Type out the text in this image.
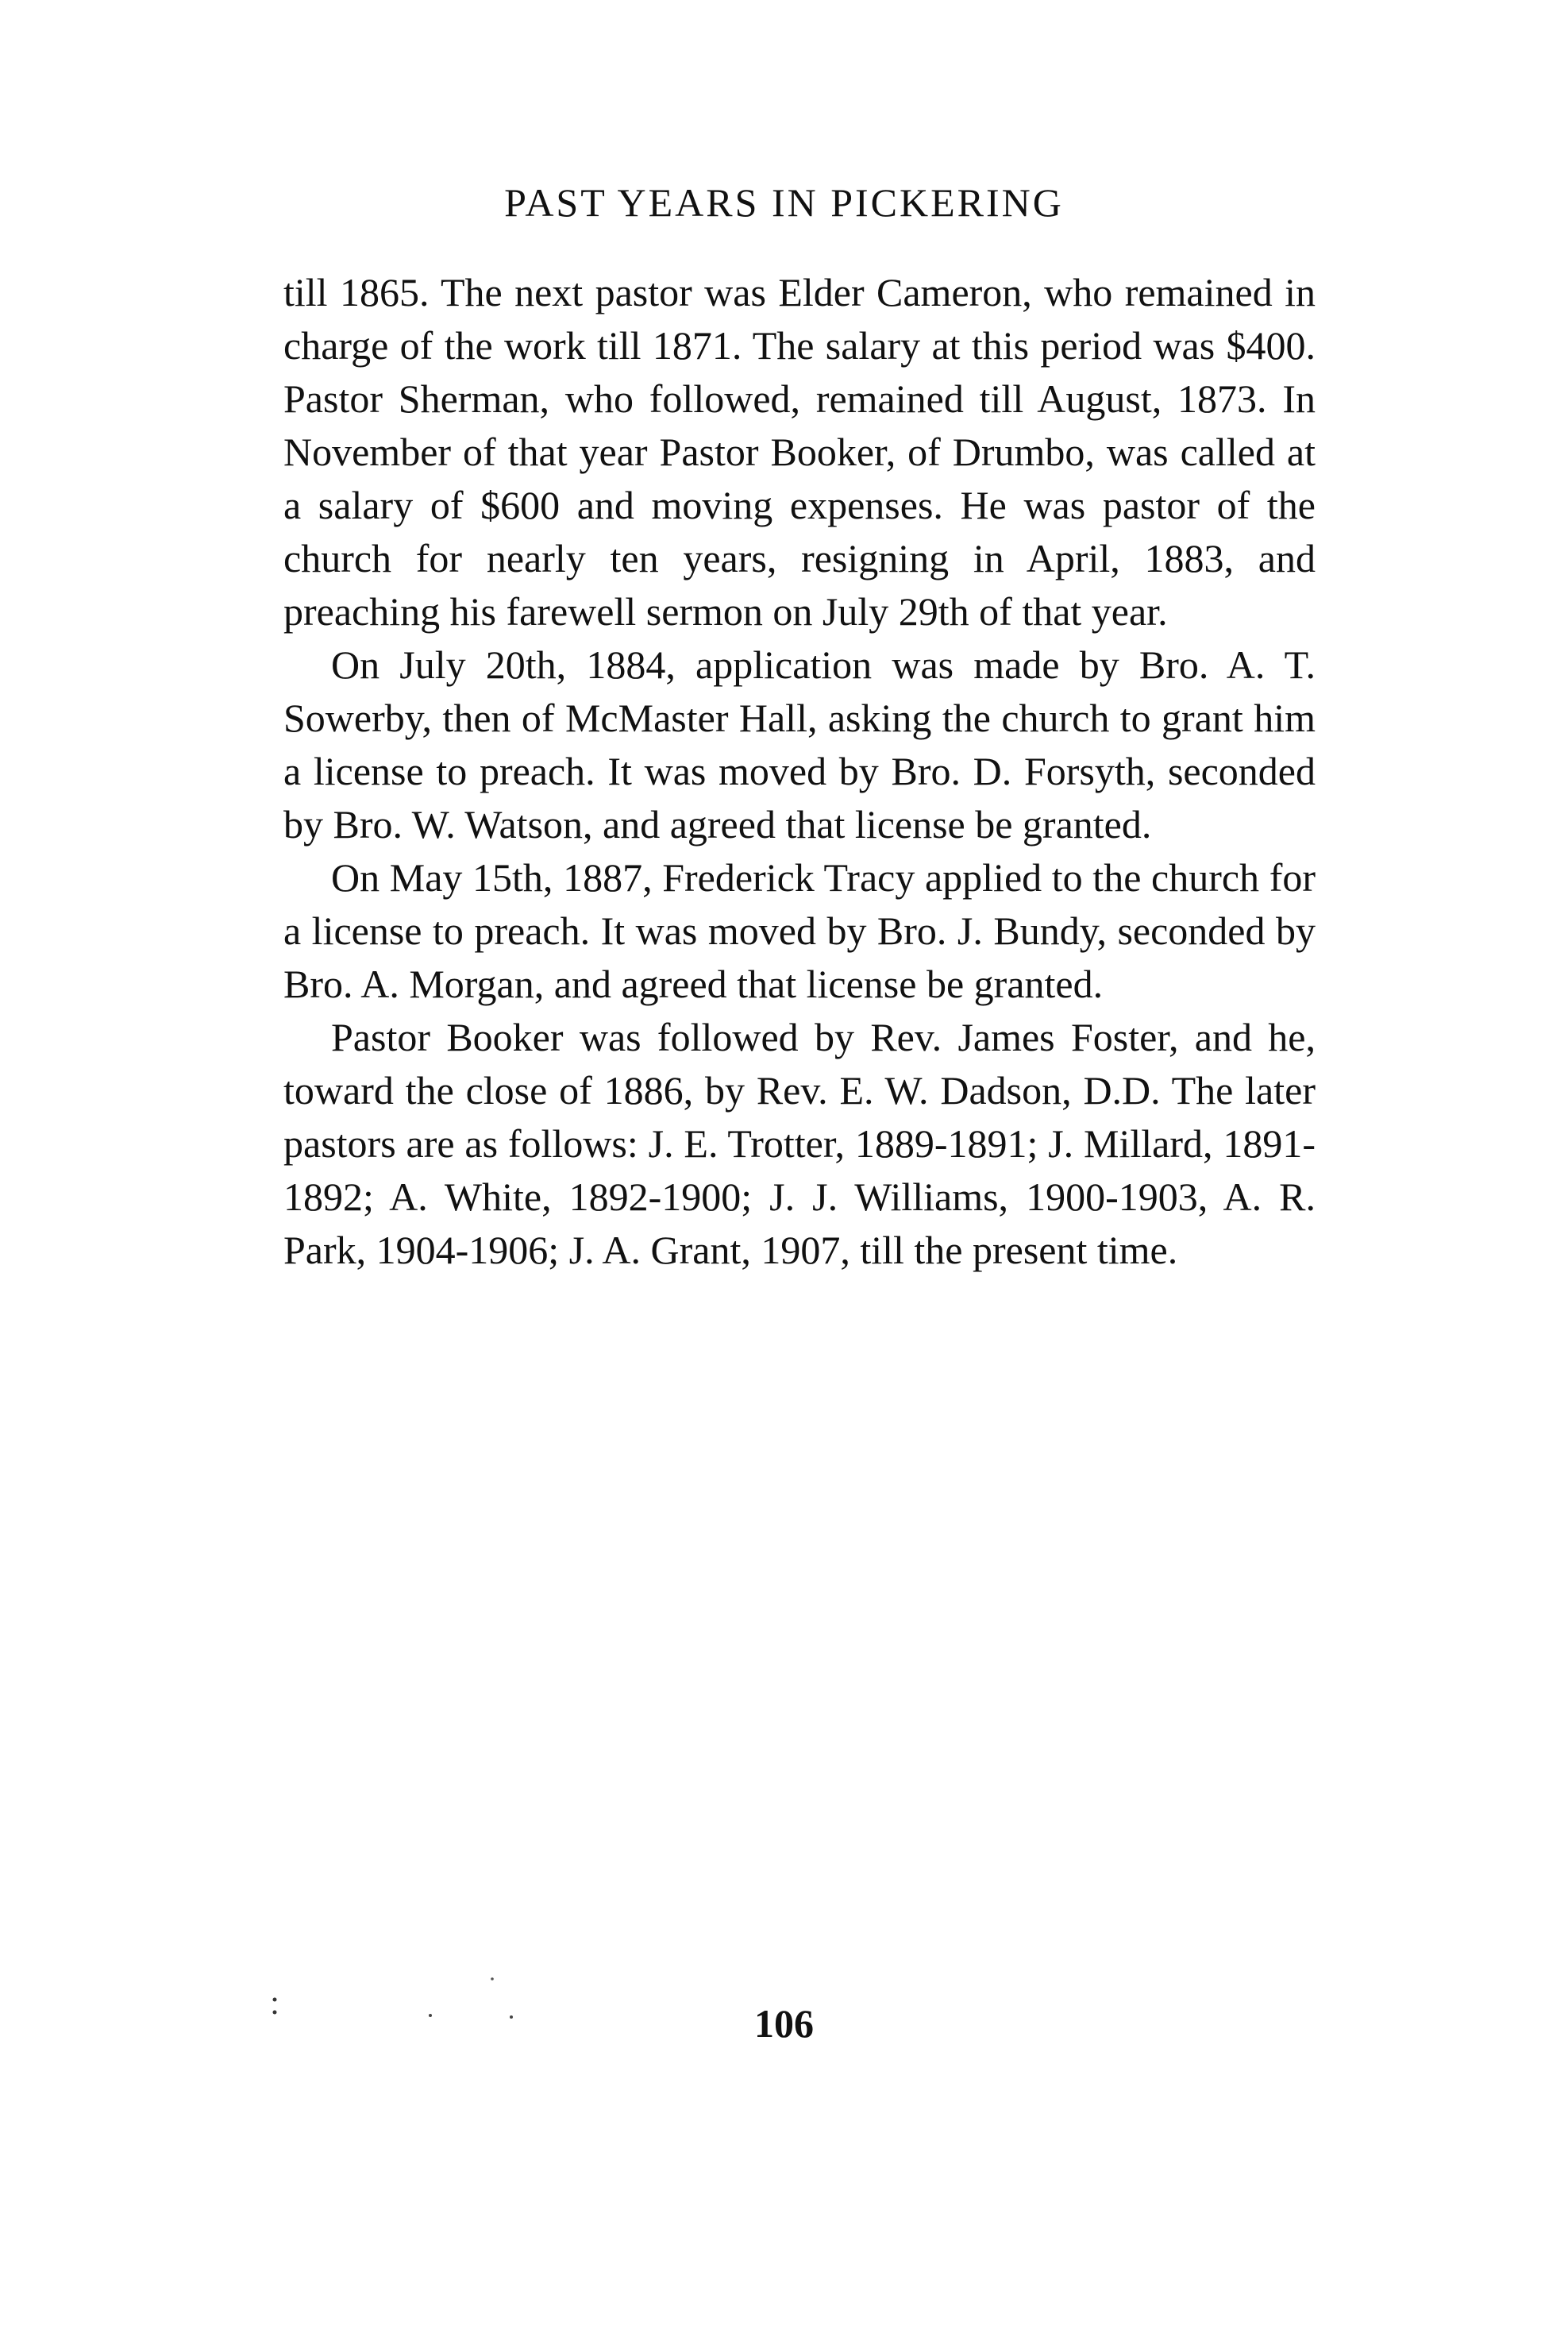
PAST YEARS IN PICKERING

till 1865. The next pastor was Elder Cameron, who remained in charge of the work till 1871. The salary at this period was $400. Pastor Sherman, who followed, remained till August, 1873. In November of that year Pastor Booker, of Drumbo, was called at a salary of $600 and moving expenses. He was pastor of the church for nearly ten years, resigning in April, 1883, and preaching his farewell sermon on July 29th of that year.

On July 20th, 1884, application was made by Bro. A. T. Sowerby, then of McMaster Hall, asking the church to grant him a license to preach. It was moved by Bro. D. Forsyth, seconded by Bro. W. Watson, and agreed that license be granted.

On May 15th, 1887, Frederick Tracy applied to the church for a license to preach. It was moved by Bro. J. Bundy, seconded by Bro. A. Morgan, and agreed that license be granted.

Pastor Booker was followed by Rev. James Foster, and he, toward the close of 1886, by Rev. E. W. Dadson, D.D. The later pastors are as follows: J. E. Trotter, 1889-1891; J. Millard, 1891-1892; A. White, 1892-1900; J. J. Williams, 1900-1903, A. R. Park, 1904-1906; J. A. Grant, 1907, till the present time.

106
